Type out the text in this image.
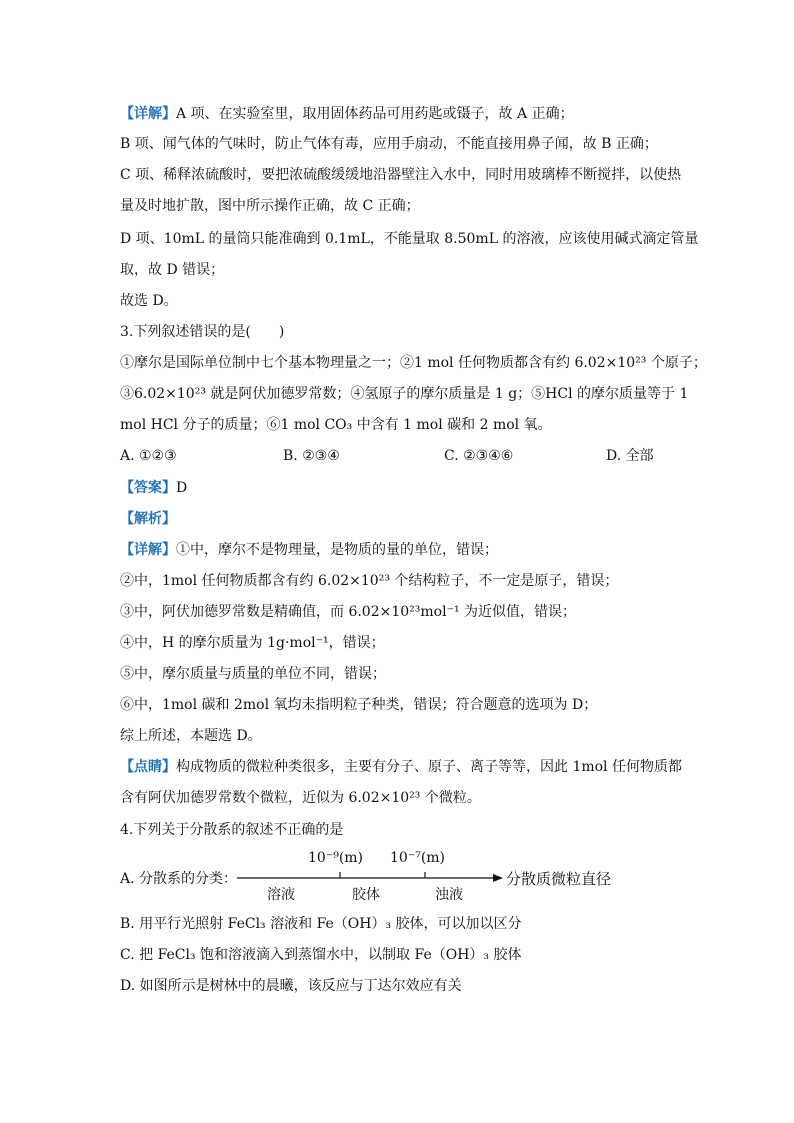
【详解】A 项、在实验室里，取用固体药品可用药匙或镊子，故 A 正确；
B 项、闻气体的气味时，防止气体有毒，应用手扇动，不能直接用鼻子闻，故 B 正确；
C 项、稀释浓硫酸时，要把浓硫酸缓缓地沿器壁注入水中，同时用玻璃棒不断搅拌，以使热
量及时地扩散，图中所示操作正确，故 C 正确；
D 项、10mL 的量筒只能准确到 0.1mL，不能量取 8.50mL 的溶液，应该使用碱式滴定管量
取，故 D 错误；
故选 D。
3.下列叙述错误的是(　　)
①摩尔是国际单位制中七个基本物理量之一；②1 mol 任何物质都含有约 6.02×10²³ 个原子；
③6.02×10²³ 就是阿伏加德罗常数；④氢原子的摩尔质量是 1 g；⑤HCl 的摩尔质量等于 1
mol HCl 分子的质量；⑥1 mol CO₃ 中含有 1 mol 碳和 2 mol 氧。
A. ①②③	B. ②③④	C. ②③④⑥	D. 全部
【答案】D
【解析】
【详解】①中，摩尔不是物理量，是物质的量的单位，错误；
②中，1mol 任何物质都含有约 6.02×10²³ 个结构粒子，不一定是原子，错误；
③中，阿伏加德罗常数是精确值，而 6.02×10²³mol⁻¹ 为近似值，错误；
④中，H 的摩尔质量为 1g·mol⁻¹，错误；
⑤中，摩尔质量与质量的单位不同，错误；
⑥中，1mol 碳和 2mol 氧均未指明粒子种类，错误；符合题意的选项为 D；
综上所述，本题选 D。
【点睛】构成物质的微粒种类很多，主要有分子、原子、离子等等，因此 1mol 任何物质都
含有阿伏加德罗常数个微粒，近似为 6.02×10²³ 个微粒。
4.下列关于分散系的叙述不正确的是
A. 分散系的分类：
10⁻⁹(m) 10⁻⁷(m)
溶液	胶体	浊液
分散质微粒直径
B. 用平行光照射 FeCl₃ 溶液和 Fe（OH）₃ 胶体，可以加以区分
C. 把 FeCl₃ 饱和溶液滴入到蒸馏水中，以制取 Fe（OH）₃ 胶体
D. 如图所示是树林中的晨曦，该反应与丁达尔效应有关
